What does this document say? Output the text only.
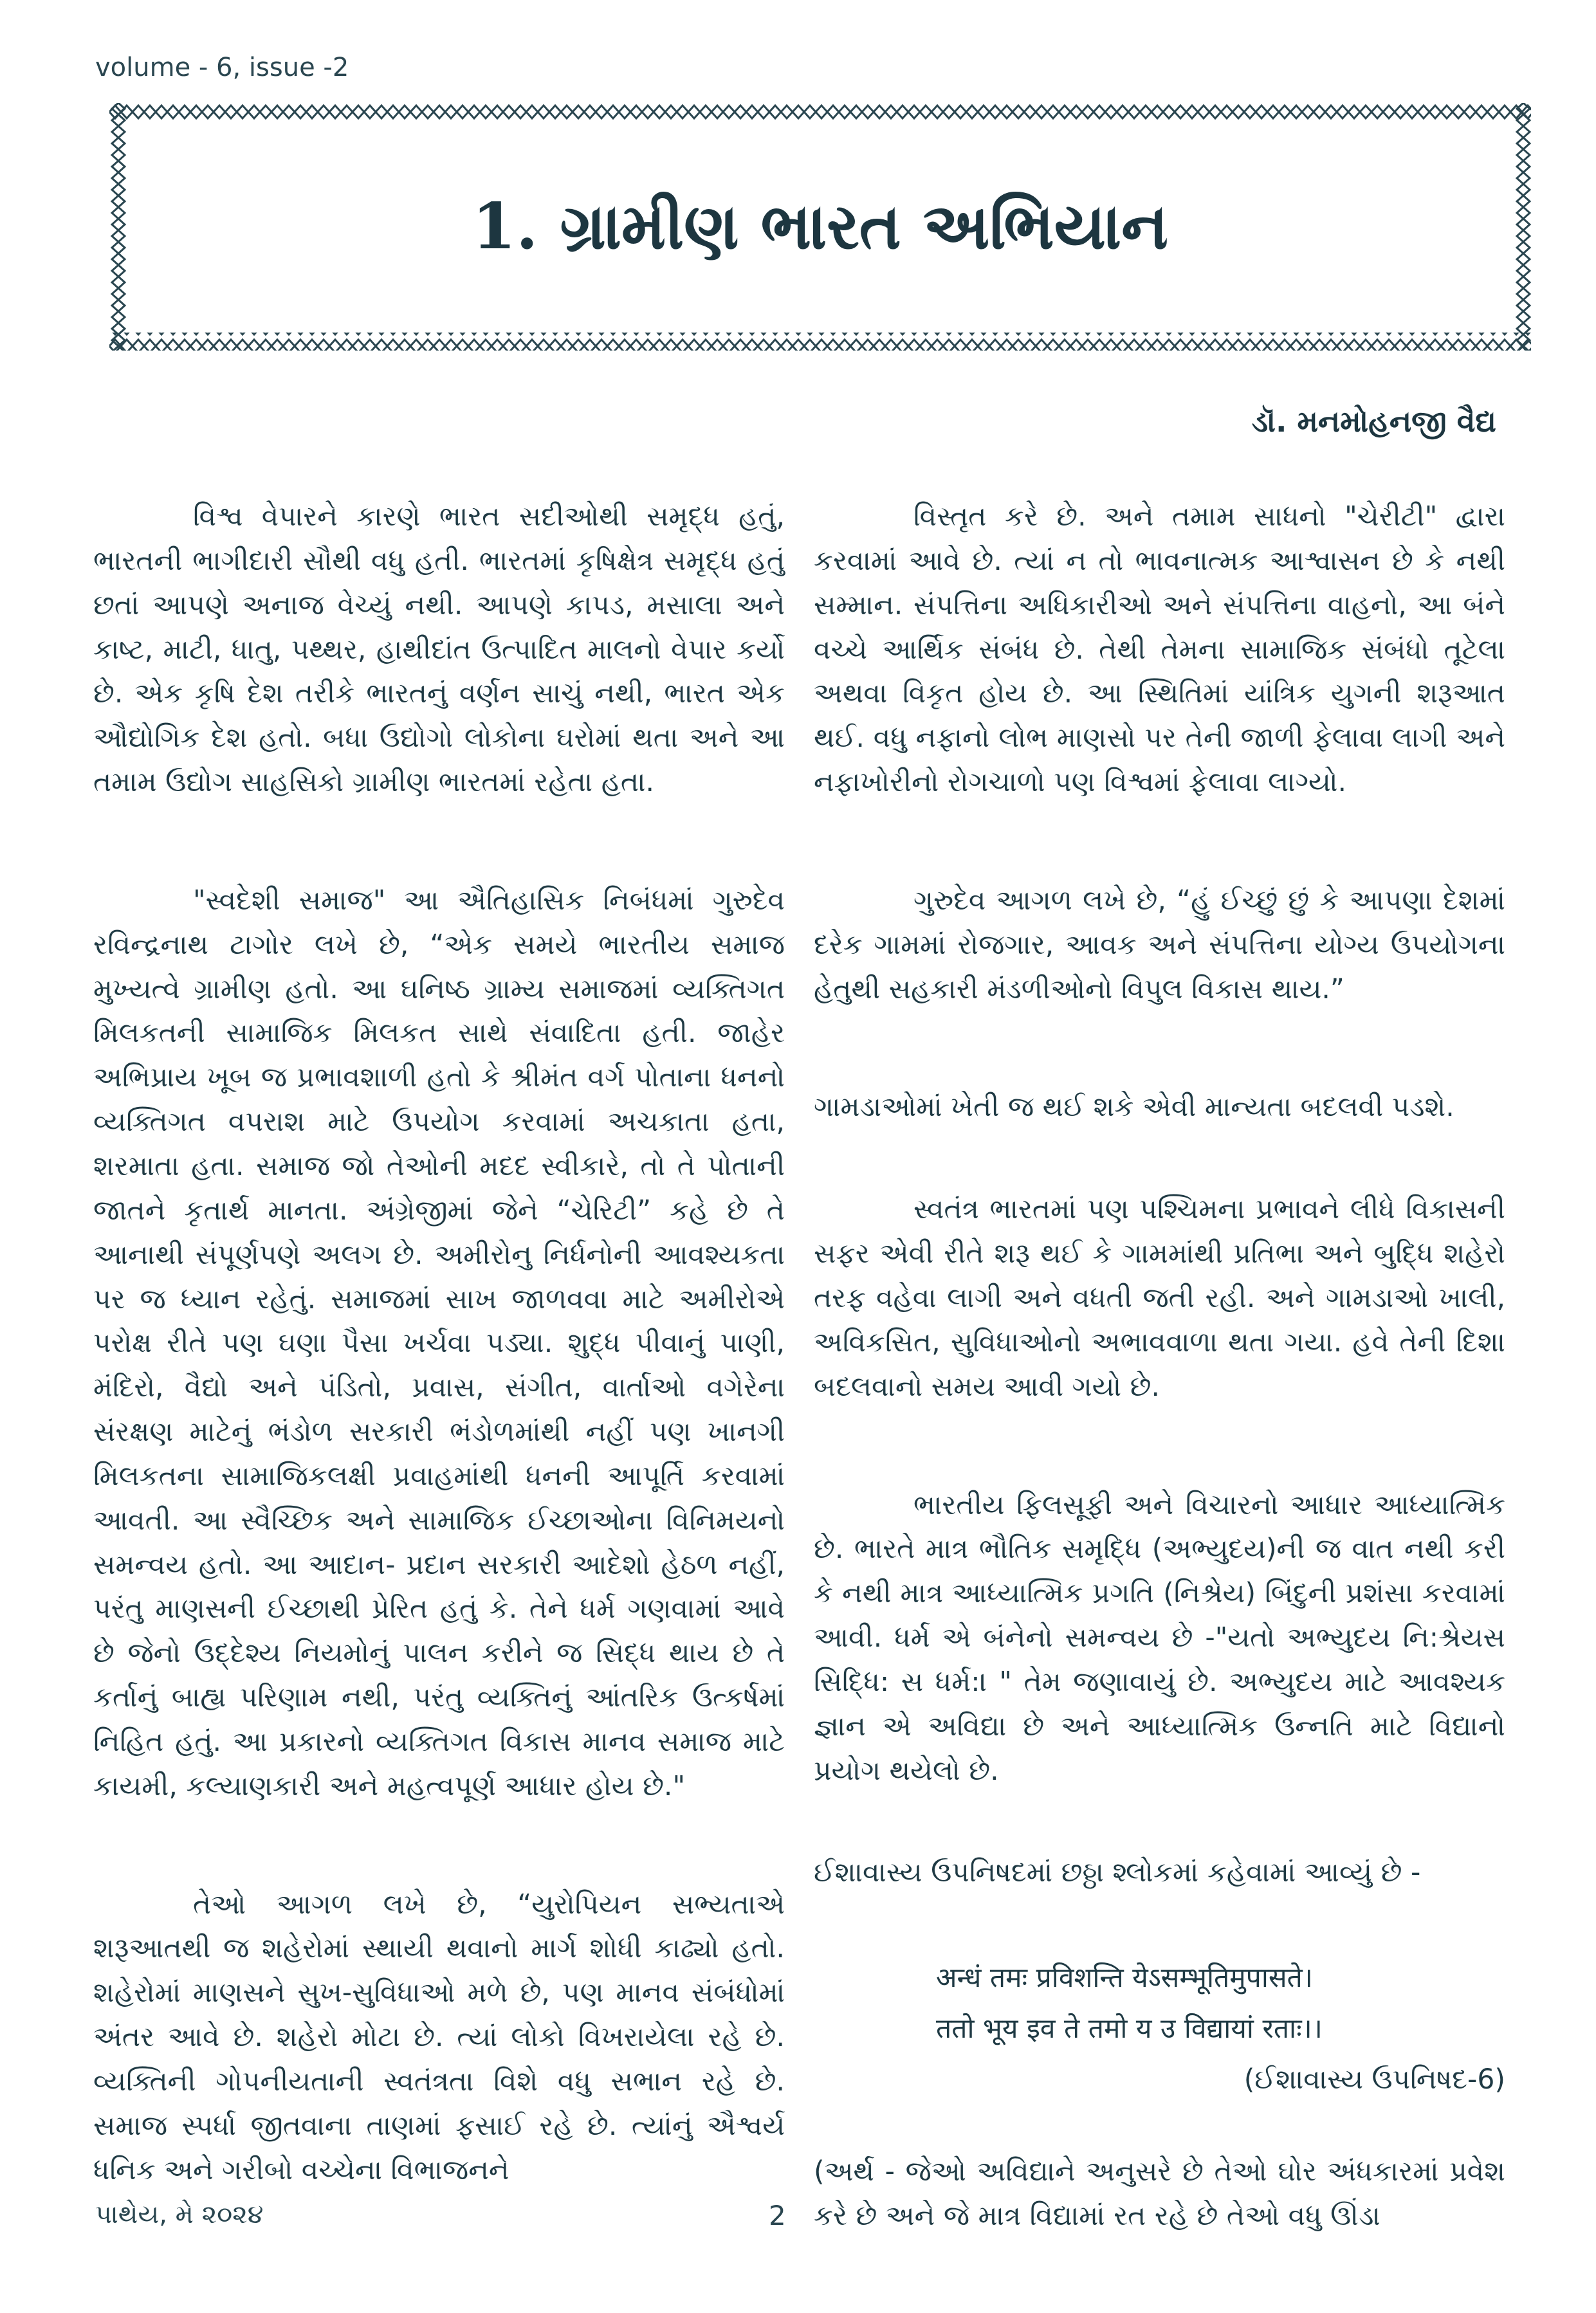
volume - 6, issue -2
1. ગ્રામીણ ભારત અભિયાન
ડૉ. મનમોહનજી વૈદ્ય

વિશ્વ વેપારને કારણે ભારત સદીઓથી સમૃદ્ધ હતું, ભારતની ભાગીદારી સૌથી વધુ હતી. ભારતમાં કૃષિક્ષેત્ર સમૃદ્ધ હતું છતાં આપણે અનાજ વેચ્યું નથી. આપણે કાપડ, મસાલા અને કાષ્ટ, માટી, ધાતુ, પથ્થર, હાથીદાંત ઉત્પાદિત માલનો વેપાર કર્યો છે. એક કૃષિ દેશ તરીકે ભારતનું વર્ણન સાચું નથી, ભારત એક ઔદ્યોગિક દેશ હતો. બધા ઉદ્યોગો લોકોના ઘરોમાં થતા અને આ તમામ ઉદ્યોગ સાહસિકો ગ્રામીણ ભારતમાં રહેતા હતા.

"સ્વદેશી સમાજ" આ ઐતિહાસિક નિબંધમાં ગુરુદેવ રવિન્દ્રનાથ ટાગોર લખે છે, “એક સમયે ભારતીય સમાજ મુખ્યત્વે ગ્રામીણ હતો. આ ઘનિષ્ઠ ગ્રામ્ય સમાજમાં વ્યક્તિગત મિલકતની સામાજિક મિલકત સાથે સંવાદિતા હતી. જાહેર અભિપ્રાય ખૂબ જ પ્રભાવશાળી હતો કે શ્રીમંત વર્ગ પોતાના ધનનો વ્યક્તિગત વપરાશ માટે ઉપયોગ કરવામાં અચકાતા હતા, શરમાતા હતા. સમાજ જો તેઓની મદદ સ્વીકારે, તો તે પોતાની જાતને કૃતાર્થ માનતા. અંગ્રેજીમાં જેને “ચેરિટી” કહે છે તે આનાથી સંપૂર્ણપણે અલગ છે. અમીરોનુ નિર્ધનોની આવશ્યકતા પર જ ધ્યાન રહેતું. સમાજમાં સાખ જાળવવા માટે અમીરોએ પરોક્ષ રીતે પણ ઘણા પૈસા ખર્ચવા પડ્યા. શુદ્ધ પીવાનું પાણી, મંદિરો, વૈદ્યો અને પંડિતો, પ્રવાસ, સંગીત, વાર્તાઓ વગેરેના સંરક્ષણ માટેનું ભંડોળ સરકારી ભંડોળમાંથી નહીં પણ ખાનગી મિલકતના સામાજિકલક્ષી પ્રવાહમાંથી ધનની આપૂર્તિ કરવામાં આવતી. આ સ્વૈચ્છિક અને સામાજિક ઈચ્છાઓના વિનિમયનો સમન્વય હતો. આ આદાન- પ્રદાન સરકારી આદેશો હેઠળ નહીં, પરંતુ માણસની ઈચ્છાથી પ્રેરિત હતું કે. તેને ધર્મ ગણવામાં આવે છે જેનો ઉદ્દેશ્ય નિયમોનું પાલન કરીને જ સિદ્ધ થાય છે તે કર્તાનું બાહ્ય પરિણામ નથી, પરંતુ વ્યક્તિનું આંતરિક ઉત્કર્ષમાં નિહિત હતું. આ પ્રકારનો વ્યક્તિગત વિકાસ માનવ સમાજ માટે કાયમી, કલ્યાણકારી અને મહત્વપૂર્ણ આધાર હોય છે."

તેઓ આગળ લખે છે, “યુરોપિયન સભ્યતાએ શરૂઆતથી જ શહેરોમાં સ્થાયી થવાનો માર્ગ શોધી કાઢ્યો હતો. શહેરોમાં માણસને સુખ-સુવિધાઓ મળે છે, પણ માનવ સંબંધોમાં અંતર આવે છે. શહેરો મોટા છે. ત્યાં લોકો વિખરાયેલા રહે છે. વ્યક્તિની ગોપનીયતાની સ્વતંત્રતા વિશે વધુ સભાન રહે છે. સમાજ સ્પર્ધા જીતવાના તાણમાં ફસાઈ રહે છે. ત્યાંનું ઐશ્વર્ય ધનિક અને ગરીબો વચ્ચેના વિભાજનને

વિસ્તૃત કરે છે. અને તમામ સાધનો "ચેરીટી" દ્વારા કરવામાં આવે છે. ત્યાં ન તો ભાવનાત્મક આશ્વાસન છે કે નથી સમ્માન. સંપત્તિના અધિકારીઓ અને સંપત્તિના વાહનો, આ બંને વચ્ચે આર્થિક સંબંધ છે. તેથી તેમના સામાજિક સંબંધો તૂટેલા અથવા વિકૃત હોય છે. આ સ્થિતિમાં યાંત્રિક યુગની શરૂઆત થઈ. વધુ નફાનો લોભ માણસો પર તેની જાળી ફેલાવા લાગી અને નફાખોરીનો રોગચાળો પણ વિશ્વમાં ફેલાવા લાગ્યો.

ગુરુદેવ આગળ લખે છે, “હું ઈચ્છું છું કે આપણા દેશમાં દરેક ગામમાં રોજગાર, આવક અને સંપત્તિના યોગ્ય ઉપયોગના હેતુથી સહકારી મંડળીઓનો વિપુલ વિકાસ થાય.”

ગામડાઓમાં ખેતી જ થઈ શકે એવી માન્યતા બદલવી પડશે.

સ્વતંત્ર ભારતમાં પણ પશ્ચિમના પ્રભાવને લીધે વિકાસની સફર એવી રીતે શરૂ થઈ કે ગામમાંથી પ્રતિભા અને બુદ્ધિ શહેરો તરફ વહેવા લાગી અને વધતી જતી રહી. અને ગામડાઓ ખાલી, અવિકસિત, સુવિધાઓનો અભાવવાળા થતા ગયા. હવે તેની દિશા બદલવાનો સમય આવી ગયો છે.

ભારતીય ફિલસૂફી અને વિચારનો આધાર આધ્યાત્મિક છે. ભારતે માત્ર ભૌતિક સમૃદ્ધિ (અભ્યુદય)ની જ વાત નથી કરી કે નથી માત્ર આધ્યાત્મિક પ્રગતિ (નિશ્રેય) બિંદુની પ્રશંસા કરવામાં આવી. ધર્મ એ બંનેનો સમન્વય છે -"યતો અભ્યુદય નિ:શ્રેયસ સિદ્ધિ: સ ધર્મ:। " તેમ જણાવાયું છે. અભ્યુદય માટે આવશ્યક જ્ઞાન એ અવિદ્યા છે અને આધ્યાત્મિક ઉન્નતિ માટે વિદ્યાનો પ્રયોગ થયેલો છે.

ઈશાવાસ્ય ઉપનિષદમાં છઠ્ઠા શ્લોકમાં કહેવામાં આવ્યું છે -

अन्धं तमः प्रविशन्ति येऽसम्भूतिमुपासते।
ततो भूय इव ते तमो य उ विद्यायां रताः।।
(ઈશાવાસ્ય ઉપનિષદ-6)

(અર્થ - જેઓ અવિદ્યાને અનુસરે છે તેઓ ઘોર અંધકારમાં પ્રવેશ કરે છે અને જે માત્ર વિદ્યામાં રત રહે છે તેઓ વધુ ઊંડા

પાથેય, મે ૨૦૨૪	2
